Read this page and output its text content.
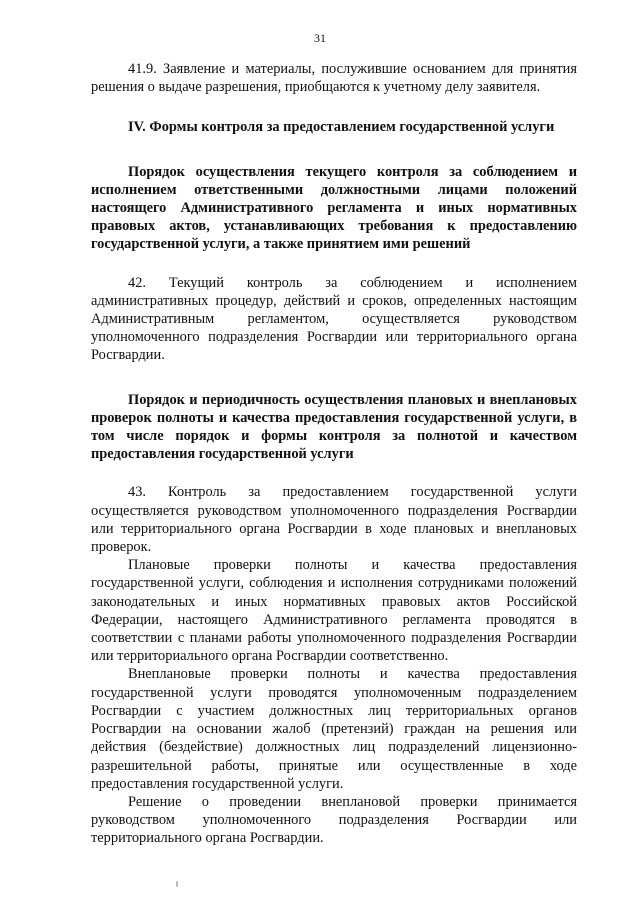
31

41.9. Заявление и материалы, послужившие основанием для принятия решения о выдаче разрешения, приобщаются к учетному делу заявителя.

IV. Формы контроля за предоставлением государственной услуги

Порядок осуществления текущего контроля за соблюдением и исполнением ответственными должностными лицами положений настоящего Административного регламента и иных нормативных правовых актов, устанавливающих требования к предоставлению государственной услуги, а также принятием ими решений

42. Текущий контроль за соблюдением и исполнением административных процедур, действий и сроков, определенных настоящим Административным регламентом, осуществляется руководством уполномоченного подразделения Росгвардии или территориального органа Росгвардии.

Порядок и периодичность осуществления плановых и внеплановых проверок полноты и качества предоставления государственной услуги, в том числе порядок и формы контроля за полнотой и качеством предоставления государственной услуги

43. Контроль за предоставлением государственной услуги осуществляется руководством уполномоченного подразделения Росгвардии или территориального органа Росгвардии в ходе плановых и внеплановых проверок.

Плановые проверки полноты и качества предоставления государственной услуги, соблюдения и исполнения сотрудниками положений законодательных и иных нормативных правовых актов Российской Федерации, настоящего Административного регламента проводятся в соответствии с планами работы уполномоченного подразделения Росгвардии или территориального органа Росгвардии соответственно.

Внеплановые проверки полноты и качества предоставления государственной услуги проводятся уполномоченным подразделением Росгвардии с участием должностных лиц территориальных органов Росгвардии на основании жалоб (претензий) граждан на решения или действия (бездействие) должностных лиц подразделений лицензионно-разрешительной работы, принятые или осуществленные в ходе предоставления государственной услуги.

Решение о проведении внеплановой проверки принимается руководством уполномоченного подразделения Росгвардии или территориального органа Росгвардии.
